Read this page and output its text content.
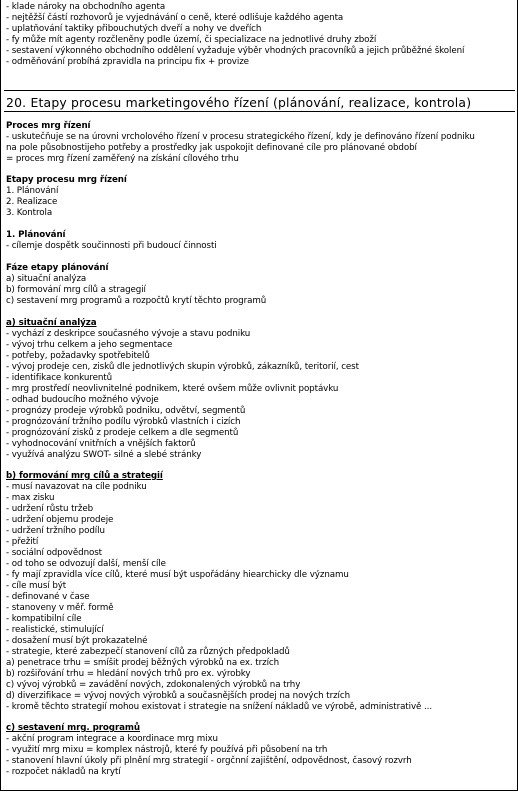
- klade nároky na obchodního agenta
- nejtěžší částí rozhovorů je vyjednávání o ceně, které odlišuje každého agenta
- uplatňování taktiky přibouchutých dveří a nohy ve dveřích
- fy může mít agenty rozčleněny podle území, či specializace na jednotlivé druhy zboží
- sestavení výkonného obchodního oddělení vyžaduje výběr vhodných pracovníků a jejich průběžné školení
- odměňování probíhá zpravidla na principu fix + provize
20. Etapy procesu marketingového řízení (plánování, realizace, kontrola)
Proces mrg řízení
- uskutečňuje se na úrovni vrcholového řízení v procesu strategického řízení, kdy je definováno řízení podniku
na pole působnostijeho potřeby a prostředky jak uspokojit definované cíle pro plánované období
= proces mrg řízení zaměřený na získání cílového trhu
Etapy procesu mrg řízení
1. Plánování
2. Realizace
3. Kontrola
1. Plánování
- cílemje dospětk součinnosti při budoucí činnosti
Fáze etapy plánování
a) situační analýza
b) formování mrg cílů a stragegií
c) sestavení mrg programů a rozpočtů krytí těchto programů
a) situační analýza
- vychází z deskripce současného vývoje a stavu podniku
- vývoj trhu celkem a jeho segmentace
- potřeby, požadavky spotřebitelů
- vývoj prodeje cen, zisků dle jednotlivých skupin výrobků, zákazníků, teritorií, cest
- identifikace konkurentů
- mrg prostředí neovlivnitelné podnikem, které ovšem může ovlivnit poptávku
- odhad budoucího možného vývoje
- prognózy prodeje výrobků podniku, odvětví, segmentů
- prognózování tržního podílu výrobků vlastních i cizích
- prognózování zisků z prodeje celkem a dle segmentů
- vyhodnocování vnitřních a vnějších faktorů
- využívá analýzu SWOT- silné a slebé stránky
b) formování mrg cílů a strategií
- musí navazovat na cíle podniku
- max zisku
- udržení růstu tržeb
- udržení objemu prodeje
- udržení tržního podílu
- přežití
- sociální odpovědnost
- od toho se odvozují další, menší cíle
- fy mají zpravidla více cílů, které musí být uspořádány hiearchicky dle významu
- cíle musí být
- definované v čase
- stanoveny v měř. formě
- kompatibilní cíle
- realistické, stimulující
- dosažení musí být prokazatelné
- strategie, které zabezpečí stanovení cílů za různých předpokladů
a) penetrace trhu = smíšit prodej běžných výrobků na ex. trzích
b) rozšiřování trhu = hledání nových trhů pro ex. výrobky
c) vývoj výrobků = zavádění nových, zdokonalených výrobků na trhy
d) diverzifikace = vývoj nových výrobků a současnějších prodej na nových trzích
- kromě těchto strategií mohou existovat i strategie na snížení nákladů ve výrobě, administrativě ...
c) sestavení mrg. programů
- akční program integrace a koordinace mrg mixu
- využití mrg mixu = komplex nástrojů, které fy používá při působení na trh
- stanovení hlavní úkoly při plnění mrg strategií - orgčnní zajištění, odpovědnost, časový rozvrh
- rozpočet nákladů na krytí
